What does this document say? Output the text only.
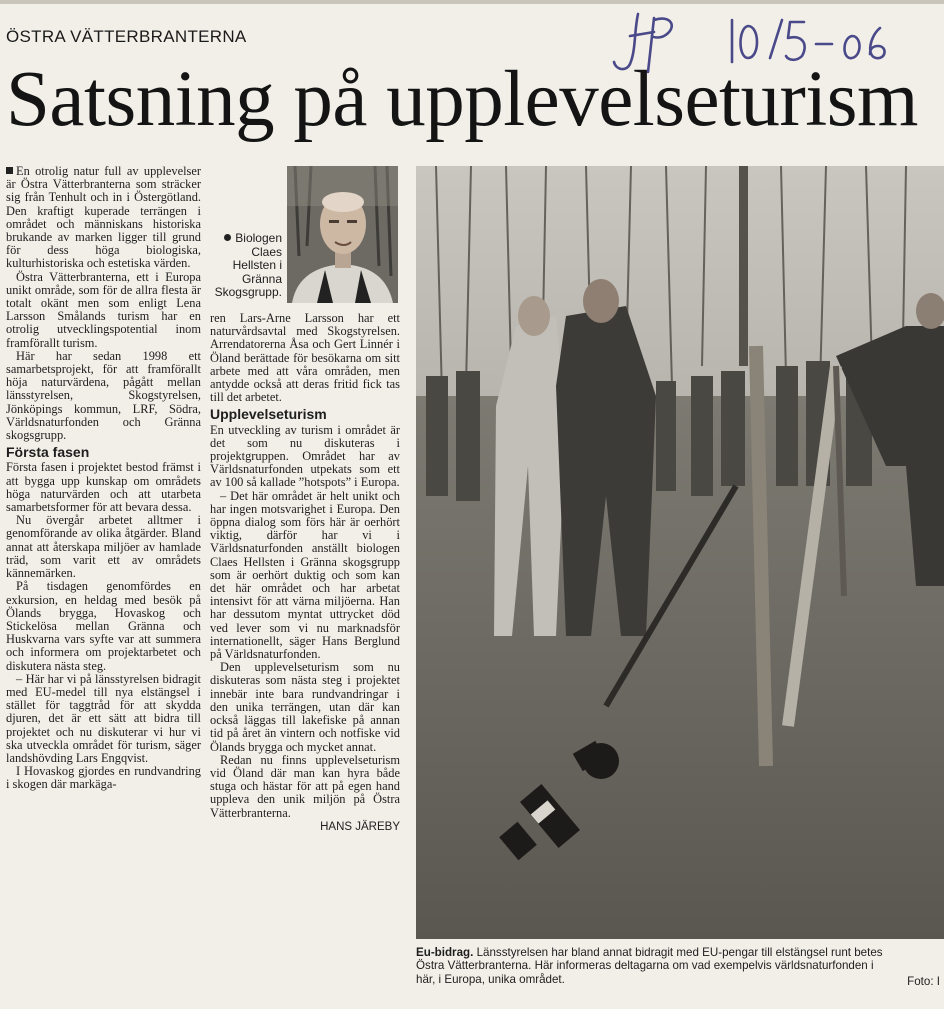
ÖSTRA VÄTTERBRANTERNA
Satsning på upplevelseturism

En otrolig natur full av upplevelser är Östra Vätterbranterna som sträcker sig från Tenhult och in i Östergötland. Den kraftigt kuperade terrängen i området och människans historiska brukande av marken ligger till grund för dess höga biologiska, kulturhistoriska och estetiska värden.

Östra Vätterbranterna, ett i Europa unikt område, som för de allra flesta är totalt okänt men som enligt Lena Larsson Smålands turism har en otrolig utvecklingspotential inom framförallt turism.

Här har sedan 1998 ett samarbetsprojekt, för att framförallt höja naturvärdena, pågått mellan länsstyrelsen, Skogstyrelsen, Jönköpings kommun, LRF, Södra, Världsnaturfonden och Gränna skogsgrupp.

Första fasen

Första fasen i projektet bestod främst i att bygga upp kunskap om områdets höga naturvärden och att utarbeta samarbetsformer för att bevara dessa.

Nu övergår arbetet alltmer i genomförande av olika åtgärder. Bland annat att återskapa miljöer av hamlade träd, som varit ett av områdets kännemärken.

På tisdagen genomfördes en exkursion, en heldag med besök på Ölands brygga, Hovaskog och Stickelösa mellan Gränna och Huskvarna vars syfte var att summera och informera om projektarbetet och diskutera nästa steg.

– Här har vi på länsstyrelsen bidragit med EU-medel till nya elstängsel i stället för taggtråd för att skydda djuren, det är ett sätt att bidra till projektet och nu diskuterar vi hur vi ska utveckla området för turism, säger landshövding Lars Engqvist.

I Hovaskog gjordes en rundvandring i skogen där markäga-

Biologen Claes Hellsten i Gränna Skogsgrupp.

ren Lars-Arne Larsson har ett naturvårdsavtal med Skogstyrelsen. Arrendatorerna Åsa och Gert Linnér i Öland berättade för besökarna om sitt arbete med att våra områden, men antydde också att deras fritid fick tas till det arbetet.

Upplevelseturism

En utveckling av turism i området är det som nu diskuteras i projektgruppen. Området har av Världsnaturfonden utpekats som ett av 100 så kallade ”hotspots” i Europa.

– Det här området är helt unikt och har ingen motsvarighet i Europa. Den öppna dialog som förs här är oerhört viktig, därför har vi i Världsnaturfonden anställt biologen Claes Hellsten i Gränna skogsgrupp som är oerhört duktig och som kan det här området och har arbetat intensivt för att värna miljöerna. Han har dessutom myntat uttrycket död ved lever som vi nu marknadsför internationellt, säger Hans Berglund på Världsnaturfonden.

Den upplevelseturism som nu diskuteras som nästa steg i projektet innebär inte bara rundvandringar i den unika terrängen, utan där kan också läggas till lakefiske på annan tid på året än vintern och notfiske vid Ölands brygga och mycket annat.

Redan nu finns upplevelseturism vid Öland där man kan hyra både stuga och hästar för att på egen hand uppleva den unik miljön på Östra Vätterbranterna.

HANS JÄREBY
Eu-bidrag. Länsstyrelsen har bland annat bidragit med EU-pengar till elstängsel runt betes
Östra Vätterbranterna. Här informeras deltagarna om vad exempelvis världsnaturfonden i
här, i Europa, unika området.	Foto: I
